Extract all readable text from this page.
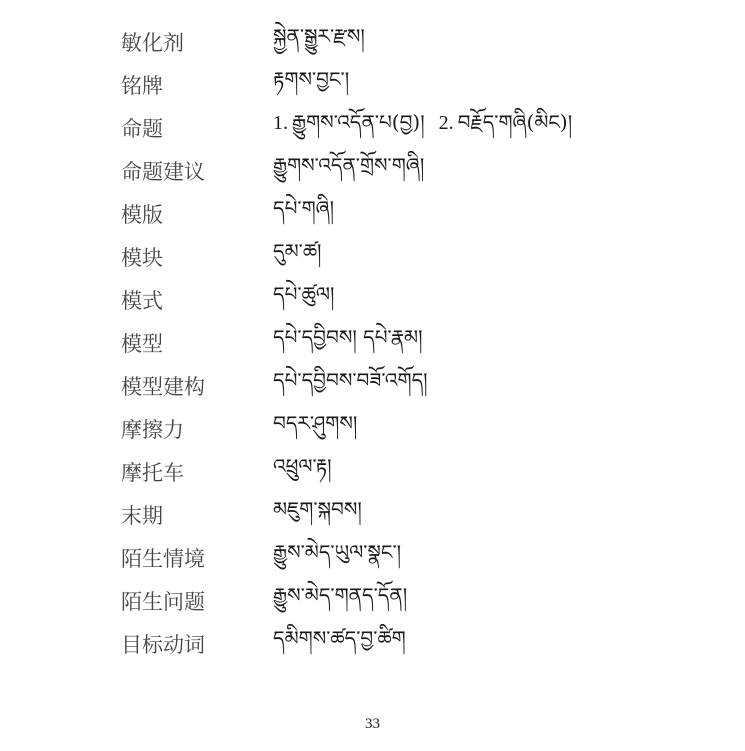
敏化剂	སྐྱེན་སྒྱུར་རྫས།
铭牌	རྟགས་བྱང་།
命题	1. རྒྱུགས་འདོན་པ(བྱ)། 2. བརྗོད་གཞི(མིང)།
命题建议	རྒྱུགས་འདོན་གྲོས་གཞི།
模版	དཔེ་གཞི།
模块	དུམ་ཚ།
模式	དཔེ་ཚུལ།
模型	དཔེ་དབྱིབས། དཔེ་རྣམ།
模型建构	དཔེ་དབྱིབས་བཟོ་འགོད།
摩擦力	བདར་ཤུགས།
摩托车	འཕྲུལ་རྟ།
末期	མཇུག་སྐབས།
陌生情境	རྒྱུས་མེད་ཡུལ་སྣང་།
陌生问题	རྒྱུས་མེད་གནད་དོན།
目标动词	དམིགས་ཚད་བྱ་ཚིག
33
